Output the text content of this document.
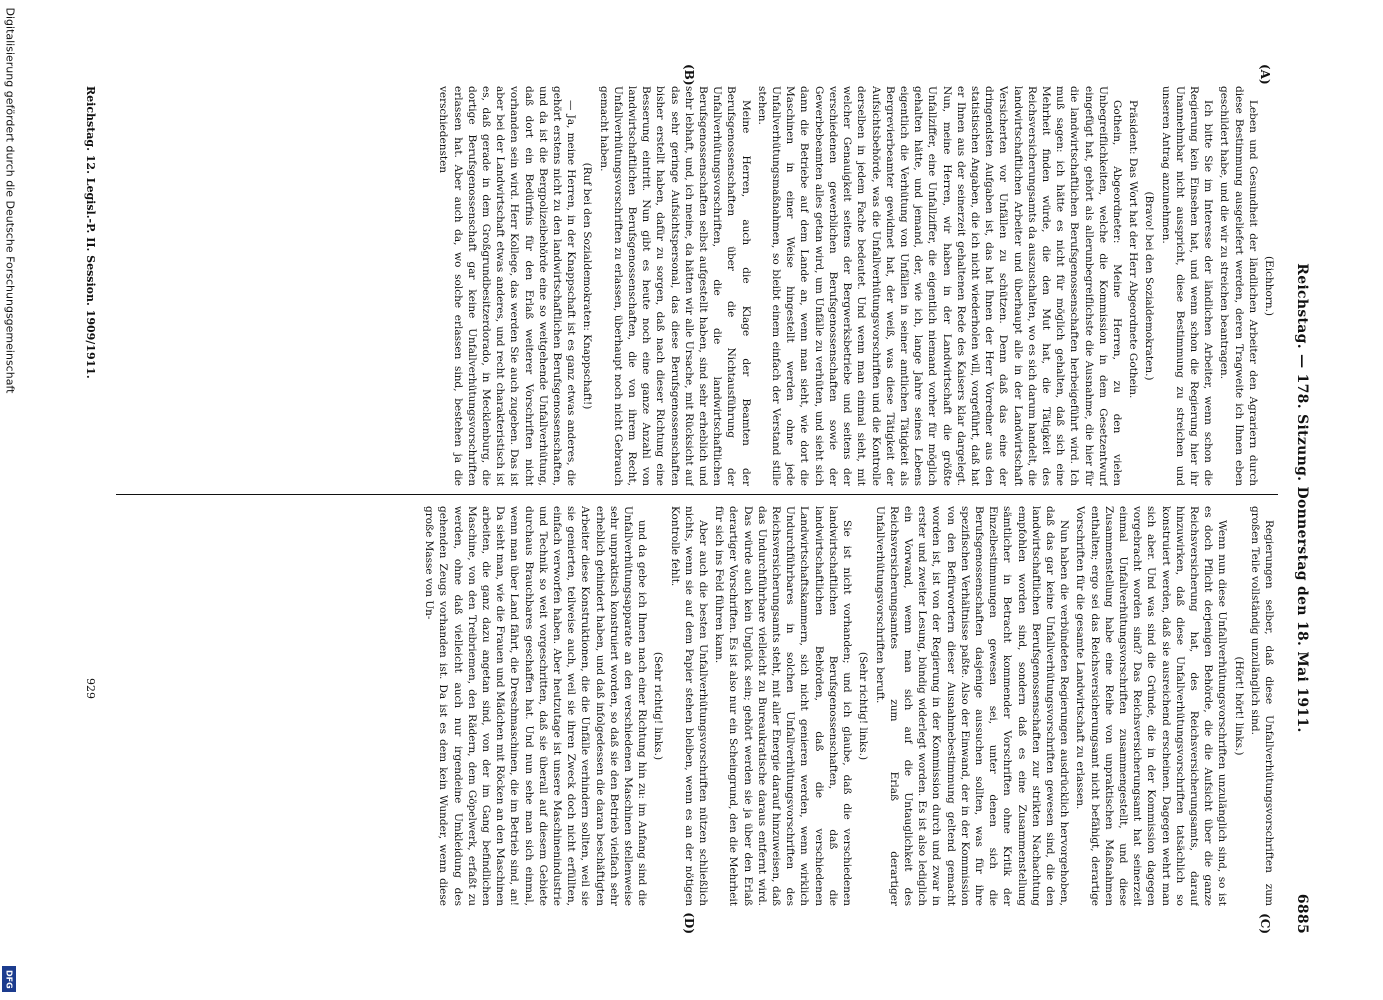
Digitalisierung gefördert durch die Deutsche Forschungsgemeinschaft
DFG
Reichstag. — 178. Sitzung. Donnerstag den 18. Mai 1911.
6885
(A)
(B)
(C)
(D)

(Eichhorn.)

Leben und Gesundheit der ländlichen Arbeiter den Agrariern durch diese Bestimmung ausgeliefert werden, deren Tragweite ich Ihnen eben geschildert habe, und die wir zu streichen beantragen.

Ich bitte Sie im Interesse der ländlichen Arbeiter, wenn schon die Regierung kein Einsehen hat, und wenn schon die Regierung hier ihr Unannehmbar nicht ausspricht, diese Bestimmung zu streichen und unseren Antrag anzunehmen.

(Bravo! bei den Sozialdemokraten.)

Präsident: Das Wort hat der Herr Abgeordnete Gothein.

Gothein, Abgeordneter: Meine Herren, zu den vielen Unbegreiflichkeiten, welche die Kommission in dem Gesetzentwurf eingefügt hat, gehört als allerunbegreiflichste die Ausnahme, die hier für die landwirtschaftlichen Berufsgenossenschaften herbeigeführt wird. Ich muß sagen: ich hätte es nicht für möglich gehalten, daß sich eine Mehrheit finden würde, die den Mut hat, die Tätigkeit des Reichsversicherungsamts da auszuschalten, wo es sich darum handelt, die landwirtschaftlichen Arbeiter und überhaupt alle in der Landwirtschaft Versicherten vor Unfällen zu schützen. Denn daß das eine der dringendsten Aufgaben ist, das hat Ihnen der Herr Vorredner aus den statistischen Angaben, die ich nicht wiederholen will, vorgeführt, daß hat er Ihnen aus der seinerzeit gehaltenen Rede des Kaisers klar dargelegt. Nun, meine Herren, wir haben in der Landwirtschaft die größte Unfallziffer, eine Unfallziffer, die eigentlich niemand vorher für möglich gehalten hätte, und jemand, der, wie ich, lange Jahre seines Lebens eigentlich die Verhütung von Unfällen in seiner amtlichen Tätigkeit als Bergrevierbeamter gewidmet hat, der weiß, was diese Tätigkeit der Aufsichtsbehörde, was die Unfallverhütungsvorschriften und die Kontrolle derselben in jedem Fache bedeutet. Und wenn man einmal sieht, mit welcher Genauigkeit seitens der Bergwerksbetriebe und seitens der verschiedenen gewerblichen Berufsgenossenschaften sowie der Gewerbebeamten alles getan wird, um Unfälle zu verhüten, und sieht sich dann die Betriebe auf dem Lande an, wenn man sieht, wie dort die Maschinen in einer Weise hingestellt werden ohne jede Unfallverhütungsmaßnahmen, so bleibt einem einfach der Verstand stille stehen.

Meine Herren, auch die Klage der Beamten der Berufsgenossenschaften über die Nichtausführung der Unfallverhütungsvorschriften, die die landwirtschaftlichen Berufsgenossenschaften selbst aufgestellt haben, sind sehr erheblich und sehr lebhaft, und, ich meine, da hätten wir alle Ursache, mit Rücksicht auf das sehr geringe Aufsichtspersonal, das diese Berufsgenossenschaften bisher erstellt haben, dafür zu sorgen, daß nach dieser Richtung eine Besserung eintritt. Nun gibt es heute noch eine ganze Anzahl von landwirtschaftlichen Berufsgenossenschaften, die von ihrem Recht, Unfallverhütungsvorschriften zu erlassen, überhaupt noch nicht Gebrauch gemacht haben.

(Ruf bei den Sozialdemokraten: Knappschaft!)

— Ja, meine Herren, in der Knappschaft ist es ganz etwas anderes, die gehört erstens nicht zu den landwirtschaftlichen Berufsgenossenschaften, und da ist die Bergpolizeibehörde eine so weitgehende Unfallverhütung, daß dort ein Bedürfnis für den Erlaß weiterer Vorschriften nicht vorhanden sein wird. Herr Kollege, das werden Sie auch zugeben. Das ist aber bei der Landwirtschaft etwas anderes, und recht charakteristisch ist es, daß gerade in dem Großgrundbesitzerdorado, in Mecklenburg, die dortige Berufsgenossenschaft gar keine Unfallverhütungsvorschriften erlassen hat. Aber auch da, wo solche erlassen sind, bestehen ja die verschiedensten

Regierungen selber, daß diese Unfallverhütungsvorschriften zum großen Teile vollständig unzulänglich sind.

(Hört! hört! links.)

Wenn nun diese Unfallverhütungsvorschriften unzulänglich sind, so ist es doch Pflicht derjenigen Behörde, die die Aufsicht über die ganze Reichsversicherung hat, des Reichsversicherungsamts, darauf hinzuwirken, daß diese Unfallverhütungsvorschriften tatsächlich so konstruiert werden, daß sie ausreichend erscheinen. Dagegen wehrt man sich aber. Und was sind die Gründe, die in der Kommission dagegen vorgebracht worden sind? Das Reichsversicherungsamt hat seinerzeit einmal Unfallverhütungsvorschriften zusammengestellt, und diese Zusammenstellung habe eine Reihe von unpraktischen Maßnahmen enthalten; ergo sei das Reichsversicherungsamt nicht befähigt, derartige Vorschriften für die gesamte Landwirtschaft zu erlassen.

Nun haben die verbündeten Regierungen ausdrücklich hervorgehoben, daß das gar keine Unfallverhütungsvorschriften gewesen sind, die den landwirtschaftlichen Berufsgenossenschaften zur strikten Nachachtung empfohlen worden sind, sondern daß es eine Zusammenstellung sämtlicher in Betracht kommender Vorschriften ohne Kritik der Einzelbestimmungen gewesen sei, unter denen sich die Berufsgenossenschaften dasjenige aussuchen sollten, was für ihre spezifischen Verhältnisse paßte. Also der Einwand, der in der Kommission von den Befürwortern dieser Ausnahmebestimmung geltend gemacht worden ist, ist von der Regierung in der Kommission durch und zwar in erster und zweiter Lesung, bündig widerlegt worden. Es ist also lediglich ein Vorwand, wenn man sich auf die Untauglichkeit des Reichsversicherungsamtes zum Erlaß derartiger Unfallverhütungsvorschriften beruft.

(Sehr richtig! links.)

Sie ist nicht vorhanden; und ich glaube, daß die verschiedenen landwirtschaftlichen Berufsgenossenschaften, daß die landwirtschaftlichen Behörden, daß die verschiedenen Landwirtschaftskammern, sich nicht genieren werden, wenn wirklich Undurchführbares in solchen Unfallverhütungsvorschriften des Reichsversicherungsamts steht, mit aller Energie darauf hinzuweisen, daß das Undurchführbare vielleicht zu Bureaukratische daraus entfernt wird. Das würde auch kein Unglück sein; gehört werden sie ja über den Erlaß derartiger Vorschriften. Es ist also nur ein Scheingrund, den die Mehrheit für sich ins Feld führen kann.

Aber auch die besten Unfallverhütungsvorschriften nützen schließlich nichts, wenn sie auf dem Papier stehen bleiben, wenn es an der nötigen Kontrolle fehlt.

(Sehr richtig! links.)

und da gebe ich Ihnen nach einer Richtung hin zu: im Anfang sind die Unfallverhütungsapparate an den verschiedenen Maschinen stellenweise sehr unpraktisch konstruiert worden, so daß sie den Betrieb vielfach sehr erheblich gehindert haben, und daß infolgedessen die daran beschäftigten Arbeiter diese Konstruktionen, die die Unfälle verhindern sollten, weil sie sie genierten, teilweise auch, weil sie ihren Zweck doch nicht erfüllten, einfach verworfen haben. Aber heutzutage ist unsere Maschinenindustrie und Technik so weit vorgeschritten, daß sie überall auf diesem Gebiete durchaus Brauchbares geschaffen hat. Und nun sehe man sich einmal, wenn man über Land fährt, die Dreschmaschinen, die im Betrieb sind, an! Da sieht man, wie die Frauen und Mädchen mit Röcken an den Maschinen arbeiten, die ganz dazu angetan sind, von der im Gang befindlichen Maschine, von den Treibriemen, den Rädern, dem Göpelwerk, erfaßt zu werden, ohne daß vielleicht auch nur irgendeine Umkleidung des gehenden Zeugs vorhanden ist. Da ist es dem kein Wunder, wenn diese große Masse von Un-

Reichstag. 12. Legisl.-P. II. Session. 1909/1911.
929
